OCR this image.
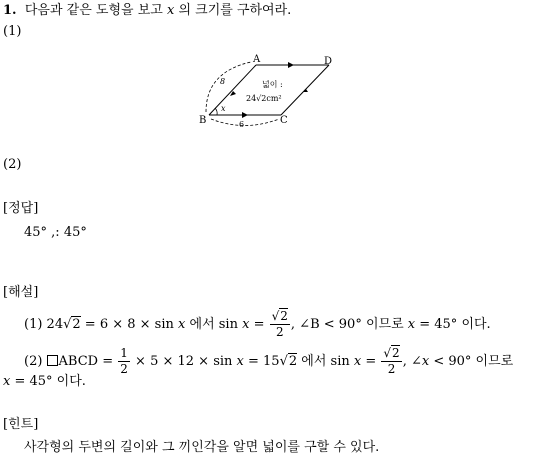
1. 다음과 같은 도형을 보고 x 의 크기를 구하여라.
(1)
A	D
B	C
8
6
x
넓이 :
24√2cm²
(2)
[정답]
45° ,: 45°
[해설]
(1) 24√2 = 6 × 8 × sin x 에서 $\sin x = \frac{√2}{2}$ , ∠B < 90° 이므로 x = 45° 이다.
(2) ABCD = $\frac{1}{2} \times 5 \times 12 \times \sin x = 15√2$ 에서 $\sin x = \frac{√2}{2}$ , ∠x < 90° 이므로
x = 45° 이다.
[힌트]
사각형의 두변의 길이와 그 끼인각을 알면 넓이를 구할 수 있다.
